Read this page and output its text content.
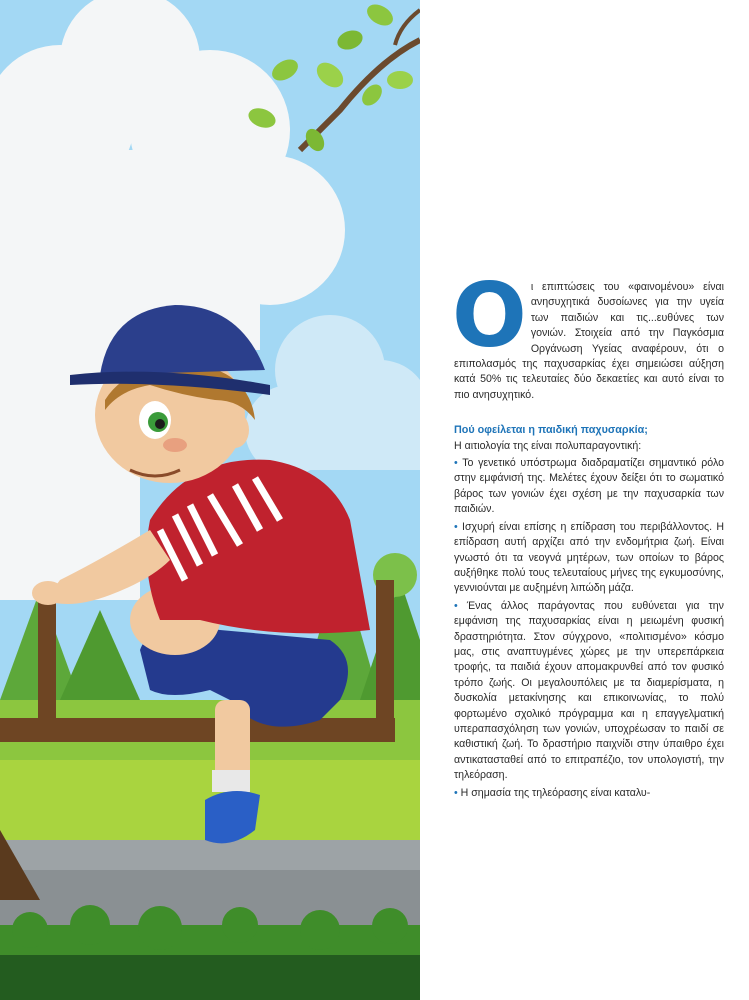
Ο ι επιπτώσεις του «φαινομένου» είναι ανησυχητικά δυσοίωνες για την υγεία των παιδιών και τις...ευθύνες των γονιών. Στοιχεία από την Παγκόσμια Οργάνωση Υγείας αναφέρουν, ότι ο επιπολασμός της παχυσαρκίας έχει σημειώσει αύξηση κατά 50% τις τελευταίες δύο δεκαετίες και αυτό είναι το πιο ανησυχητικό.

Πού οφείλεται η παιδική παχυσαρκία;

Η αιτιολογία της είναι πολυπαραγοντική:

• Το γενετικό υπόστρωμα διαδραματίζει σημαντικό ρόλο στην εμφάνισή της. Μελέτες έχουν δείξει ότι το σωματικό βάρος των γονιών έχει σχέση με την παχυσαρκία των παιδιών.

• Ισχυρή είναι επίσης η επίδραση του περιβάλλοντος. Η επίδραση αυτή αρχίζει από την ενδομήτρια ζωή. Είναι γνωστό ότι τα νεογνά μητέρων, των οποίων το βάρος αυξήθηκε πολύ τους τελευταίους μήνες της εγκυμοσύνης, γεννιούνται με αυξημένη λιπώδη μάζα.

• Ένας άλλος παράγοντας που ευθύνεται για την εμφάνιση της παχυσαρκίας είναι η μειωμένη φυσική δραστηριότητα. Στον σύγχρονο, «πολιτισμένο» κόσμο μας, στις αναπτυγμένες χώρες με την υπερεπάρκεια τροφής, τα παιδιά έχουν απομακρυνθεί από τον φυσικό τρόπο ζωής. Οι μεγαλουπόλεις με τα διαμερίσματα, η δυσκολία μετακίνησης και επικοινωνίας, το πολύ φορτωμένο σχολικό πρόγραμμα και η επαγγελματική υπεραπασχόληση των γονιών, υποχρέωσαν το παιδί σε καθιστική ζωή. Το δραστήριο παιχνίδι στην ύπαιθρο έχει αντικατασταθεί από το επιτραπέζιο, τον υπολογιστή, την τηλεόραση.

• Η σημασία της τηλεόρασης είναι καταλυ-
